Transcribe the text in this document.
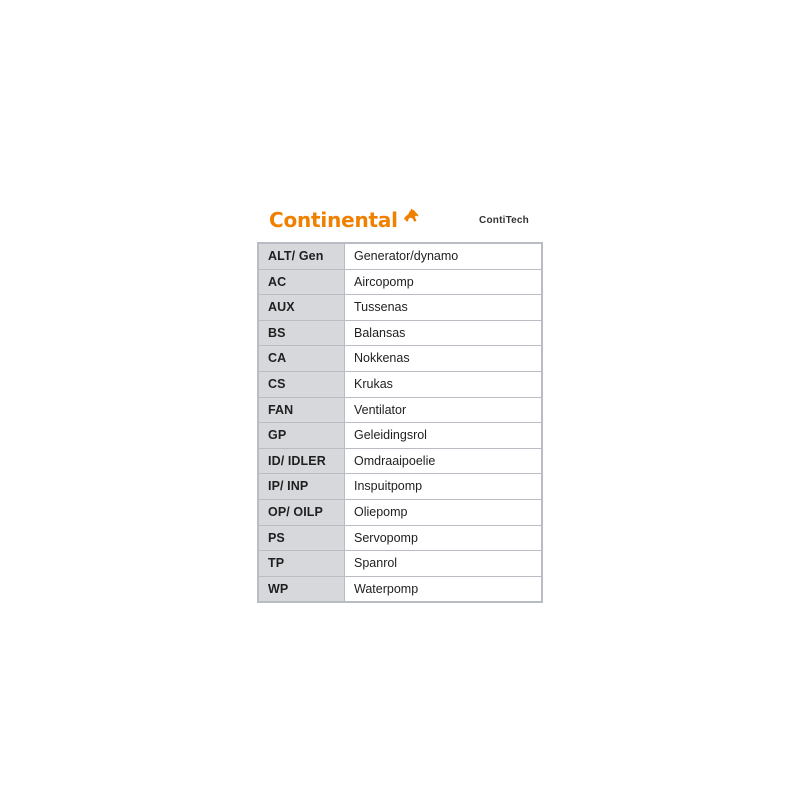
Continental	ContiTech
ALT/ Gen	Generator/dynamo
AC	Aircopomp
AUX	Tussenas
BS	Balansas
CA	Nokkenas
CS	Krukas
FAN	Ventilator
GP	Geleidingsrol
ID/ IDLER	Omdraaipoelie
IP/ INP	Inspuitpomp
OP/ OILP	Oliepomp
PS	Servopomp
TP	Spanrol
WP	Waterpomp
